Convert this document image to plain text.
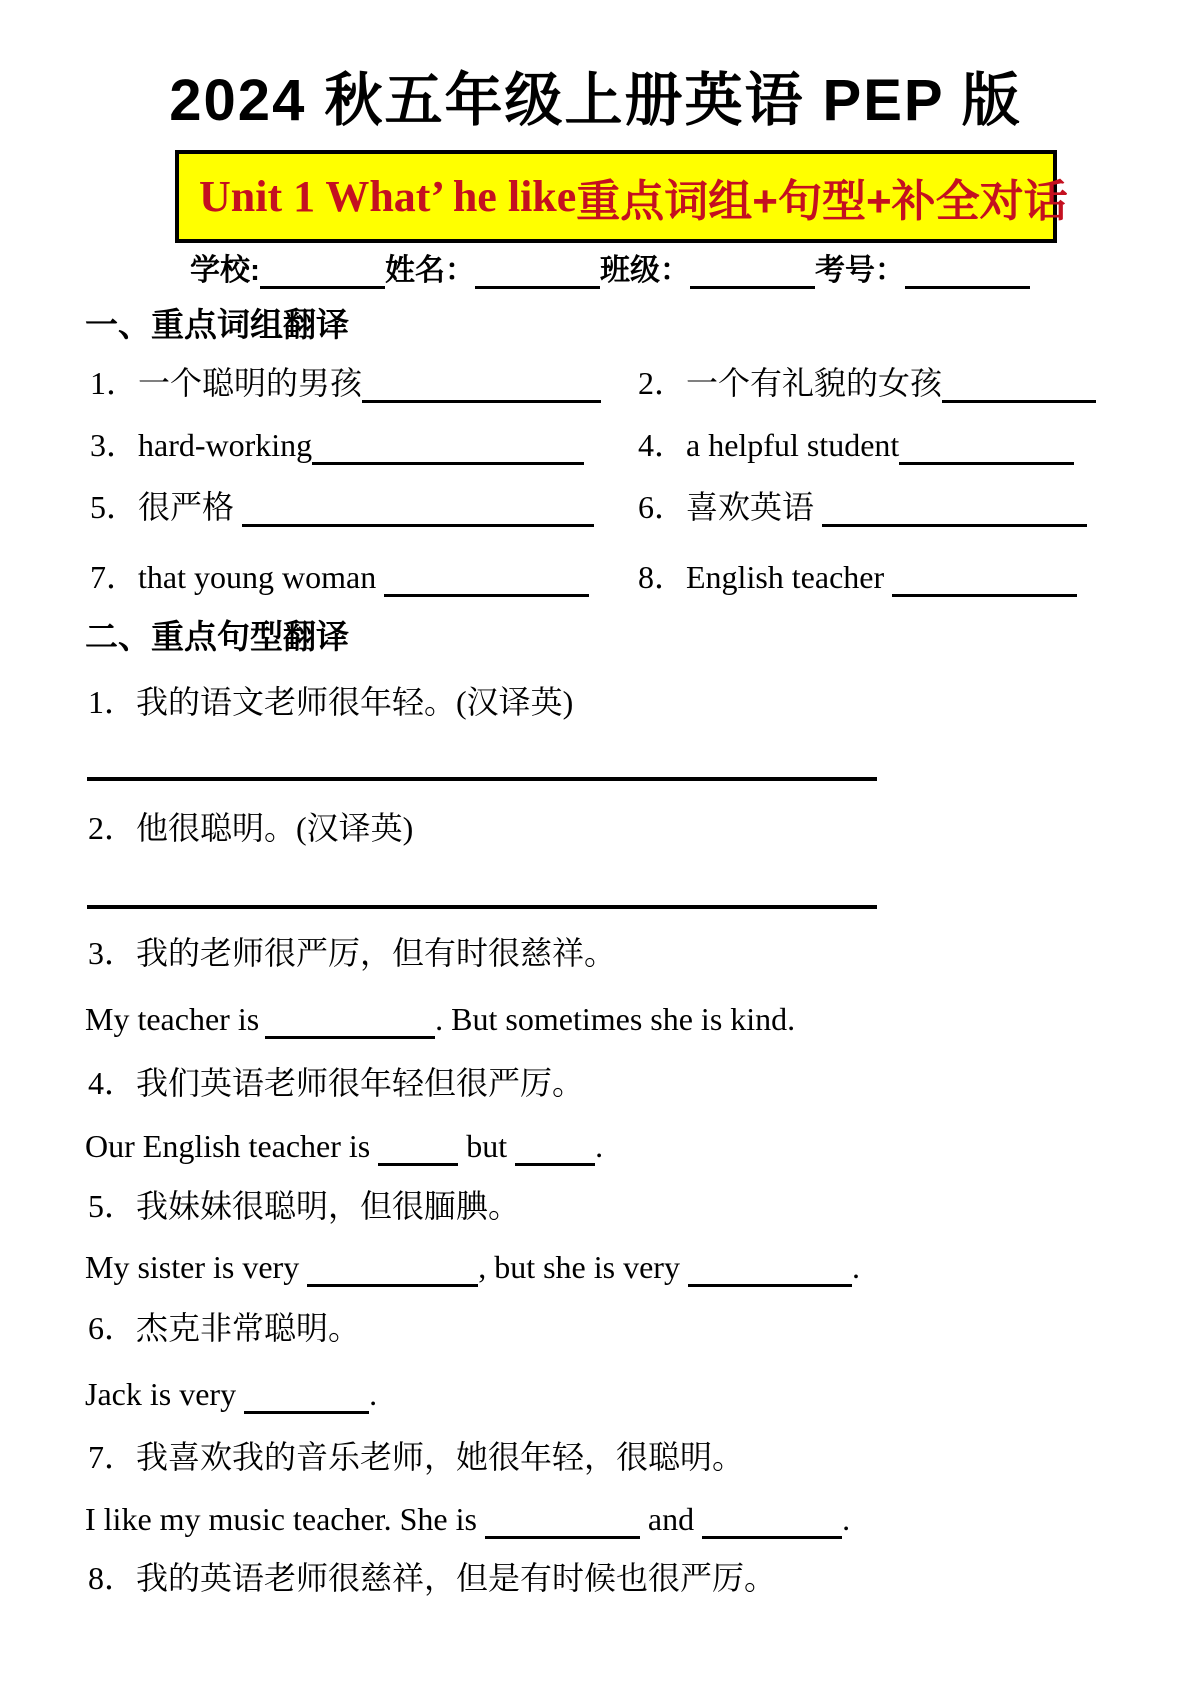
2024 秋五年级上册英语 PEP 版
Unit 1 What’ he like 重点词组+句型+补全对话
学校:	姓名：	班级：	考号：
一、重点词组翻译
1．一个聪明的男孩	2．一个有礼貌的女孩
3．hard-working	4．a helpful student
5．很严格	6．喜欢英语
7．that young woman	8．English teacher
二、重点句型翻译
1．我的语文老师很年轻。(汉译英)
2．他很聪明。(汉译英)
3．我的老师很严厉，但有时很慈祥。
My teacher is	. But sometimes she is kind.
4．我们英语老师很年轻但很严厉。
Our English teacher is	but	.
5．我妹妹很聪明，但很腼腆。
My sister is very	, but she is very	.
6．杰克非常聪明。
Jack is very	.
7．我喜欢我的音乐老师，她很年轻，很聪明。
I like my music teacher. She is	and	.
8．我的英语老师很慈祥，但是有时候也很严厉。
